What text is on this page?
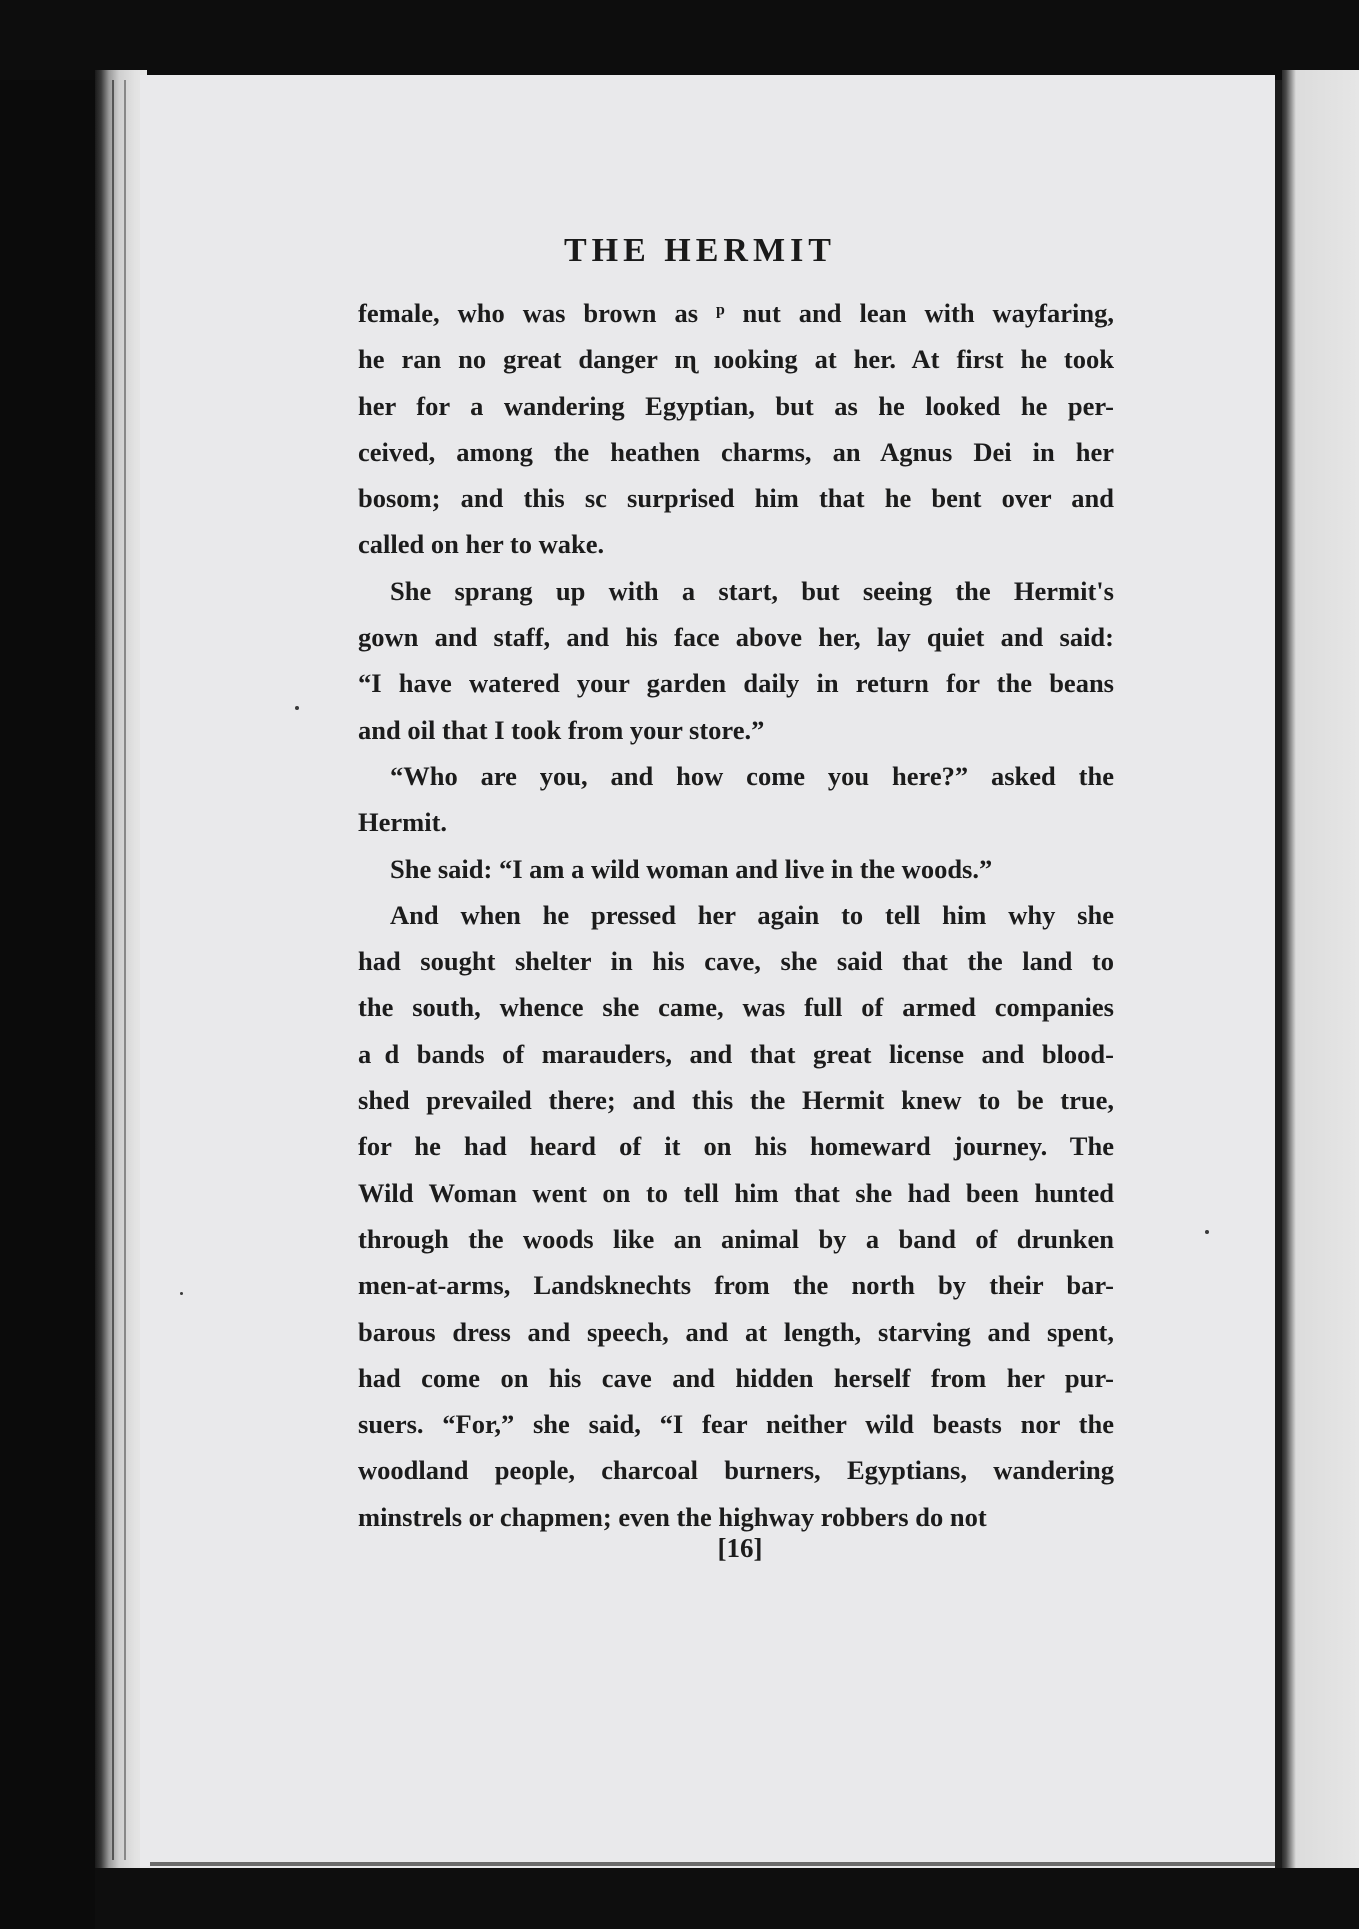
THE HERMIT
female, who was brown as ᵖ nut and lean with wayfaring,
he ran no great danger ɪɳ ıooking at her. At first he took
her for a wandering Egyptian, but as he looked he per-
ceived, among the heathen charms, an Agnus Dei in her
bosom; and this sc surprised him that he bent over and
called on her to wake.
She sprang up with a start, but seeing the Hermit's
gown and staff, and his face above her, lay quiet and said:
“I have watered your garden daily in return for the beans
and oil that I took from your store.”
“Who are you, and how come you here?” asked the
Hermit.
She said: “I am a wild woman and live in the woods.”
And when he pressed her again to tell him why she
had sought shelter in his cave, she said that the land to
the south, whence she came, was full of armed companies
a d bands of marauders, and that great license and blood-
shed prevailed there; and this the Hermit knew to be true,
for he had heard of it on his homeward journey. The
Wild Woman went on to tell him that she had been hunted
through the woods like an animal by a band of drunken
men-at-arms, Landsknechts from the north by their bar-
barous dress and speech, and at length, starving and spent,
had come on his cave and hidden herself from her pur-
suers. “For,” she said, “I fear neither wild beasts nor the
woodland people, charcoal burners, Egyptians, wandering
minstrels or chapmen; even the highway robbers do not
[16]
